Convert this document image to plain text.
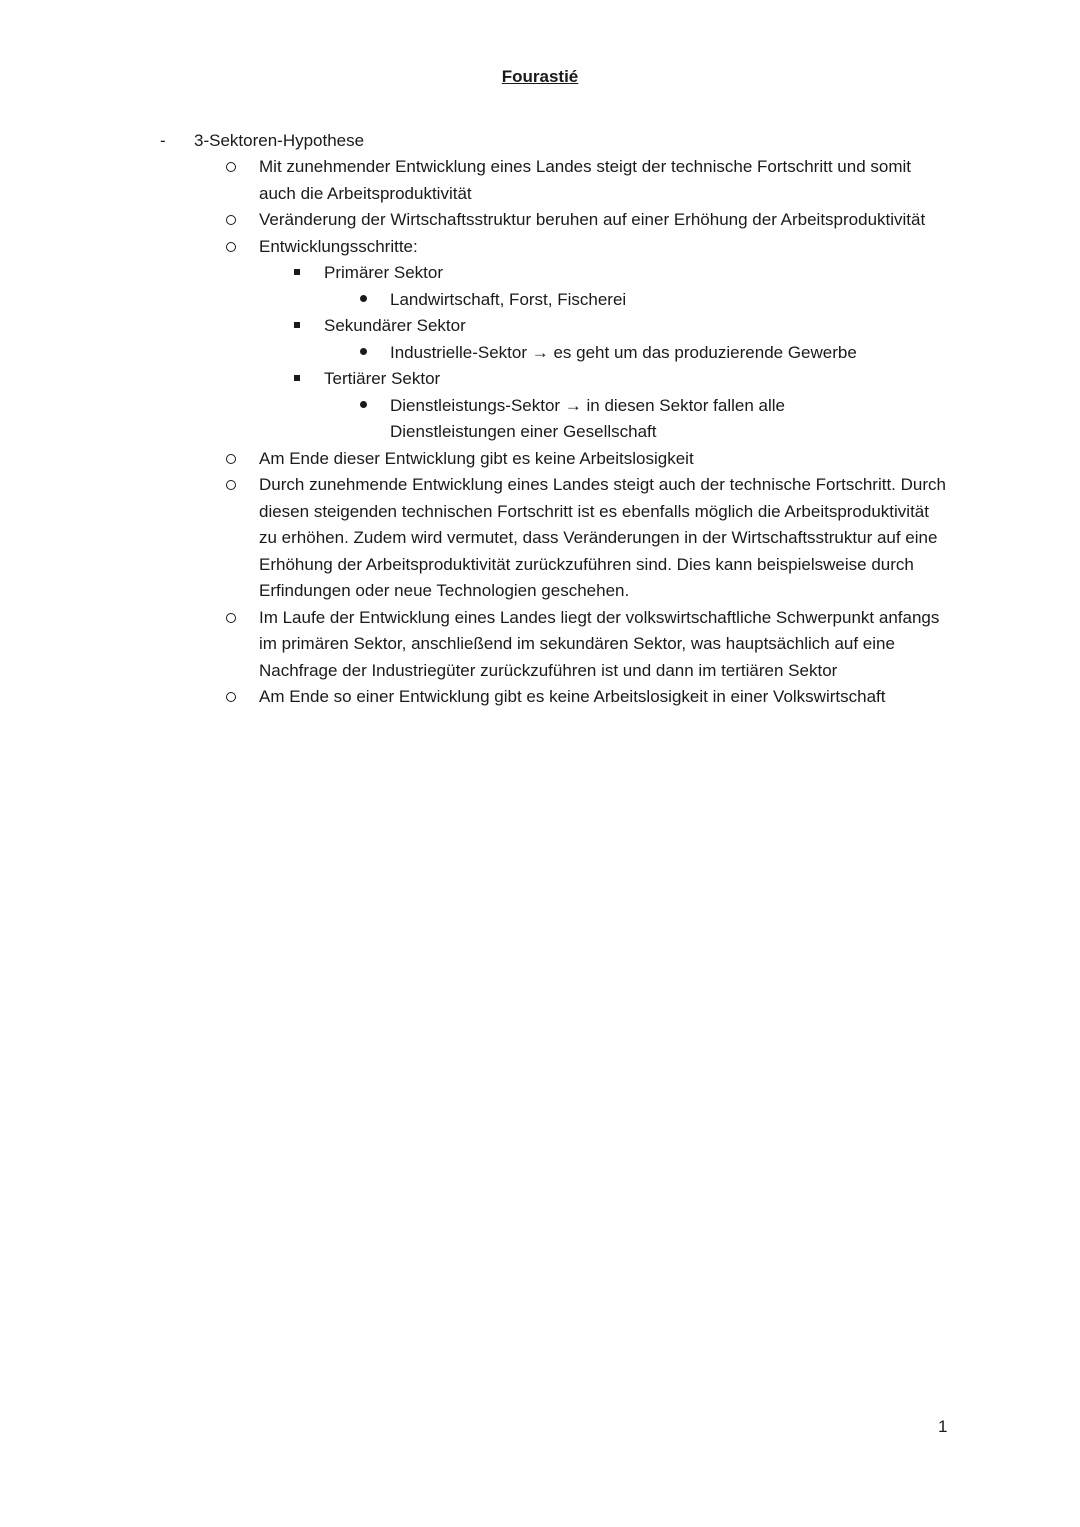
Fourastié
- 3-Sektoren-Hypothese
Mit zunehmender Entwicklung eines Landes steigt der technische Fortschritt und somit auch die Arbeitsproduktivität
Veränderung der Wirtschaftsstruktur beruhen auf einer Erhöhung der Arbeitsproduktivität
Entwicklungsschritte:
Primärer Sektor
Landwirtschaft, Forst, Fischerei
Sekundärer Sektor
Industrielle-Sektor → es geht um das produzierende Gewerbe
Tertiärer Sektor
Dienstleistungs-Sektor → in diesen Sektor fallen alle Dienstleistungen einer Gesellschaft
Am Ende dieser Entwicklung gibt es keine Arbeitslosigkeit
Durch zunehmende Entwicklung eines Landes steigt auch der technische Fortschritt. Durch diesen steigenden technischen Fortschritt ist es ebenfalls möglich die Arbeitsproduktivität zu erhöhen. Zudem wird vermutet, dass Veränderungen in der Wirtschaftsstruktur auf eine Erhöhung der Arbeitsproduktivität zurückzuführen sind. Dies kann beispielsweise durch Erfindungen oder neue Technologien geschehen.
Im Laufe der Entwicklung eines Landes liegt der volkswirtschaftliche Schwerpunkt anfangs im primären Sektor, anschließend im sekundären Sektor, was hauptsächlich auf eine Nachfrage der Industriegüter zurückzuführen ist und dann im tertiären Sektor
Am Ende so einer Entwicklung gibt es keine Arbeitslosigkeit in einer Volkswirtschaft
1
